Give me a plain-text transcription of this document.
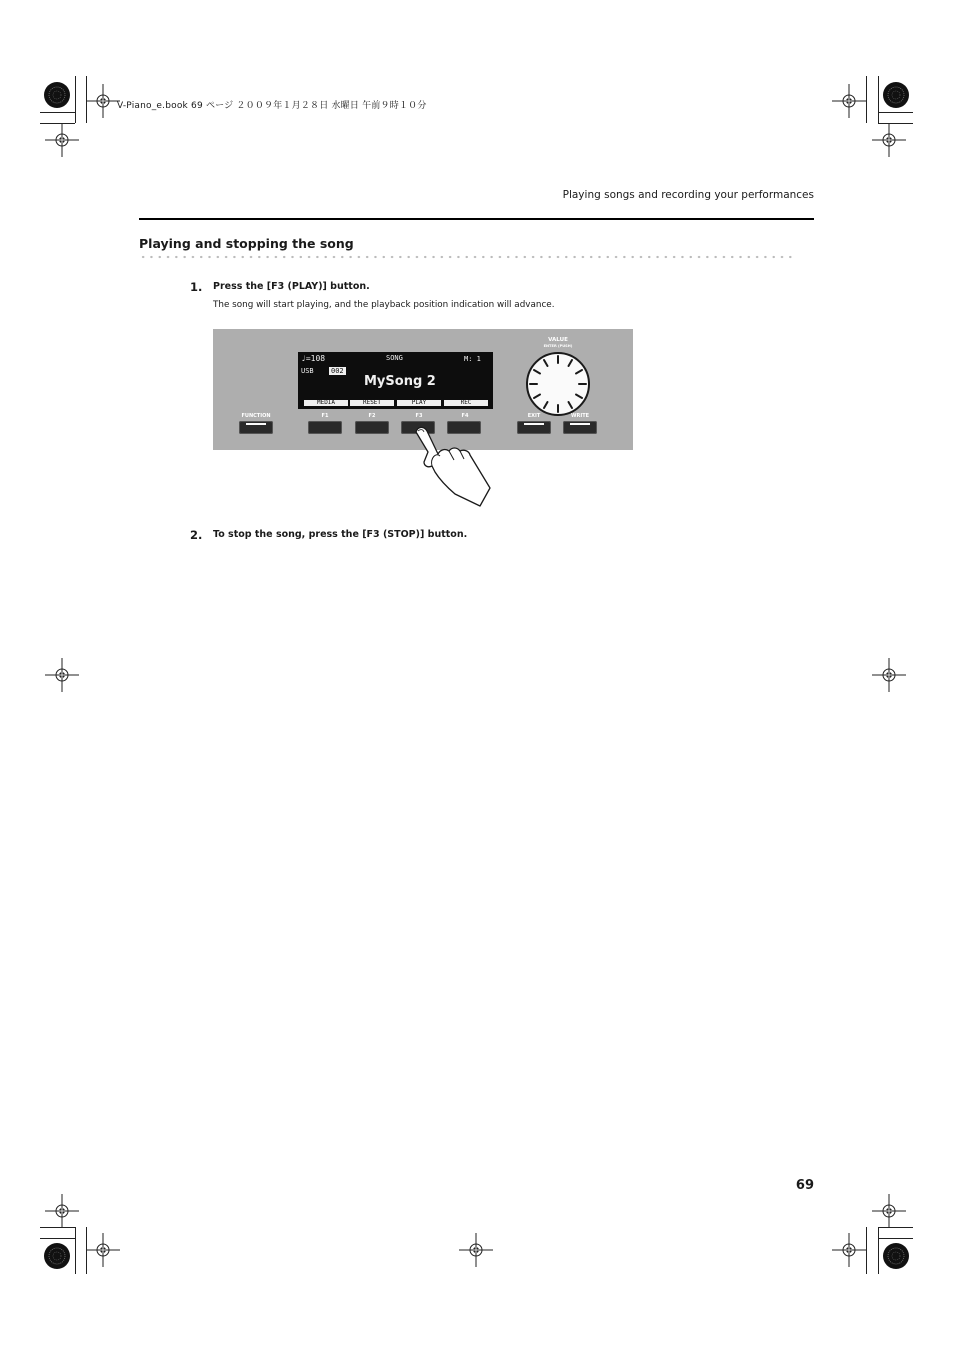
V-Piano_e.book 69 ページ ２００９年１月２８日 水曜日 午前９時１０分
Playing songs and recording your performances
Playing and stopping the song
1. Press the [F3 (PLAY)] button.
The song will start playing, and the playback position indication will advance.
♩=108	SONG	M: 1
USB 002
MySong 2
MEDIA	RESET	PLAY	REC
VALUE
ENTER (PUSH)
FUNCTION	F1	F2	F3	F4	EXIT	WRITE
2. To stop the song, press the [F3 (STOP)] button.
69
